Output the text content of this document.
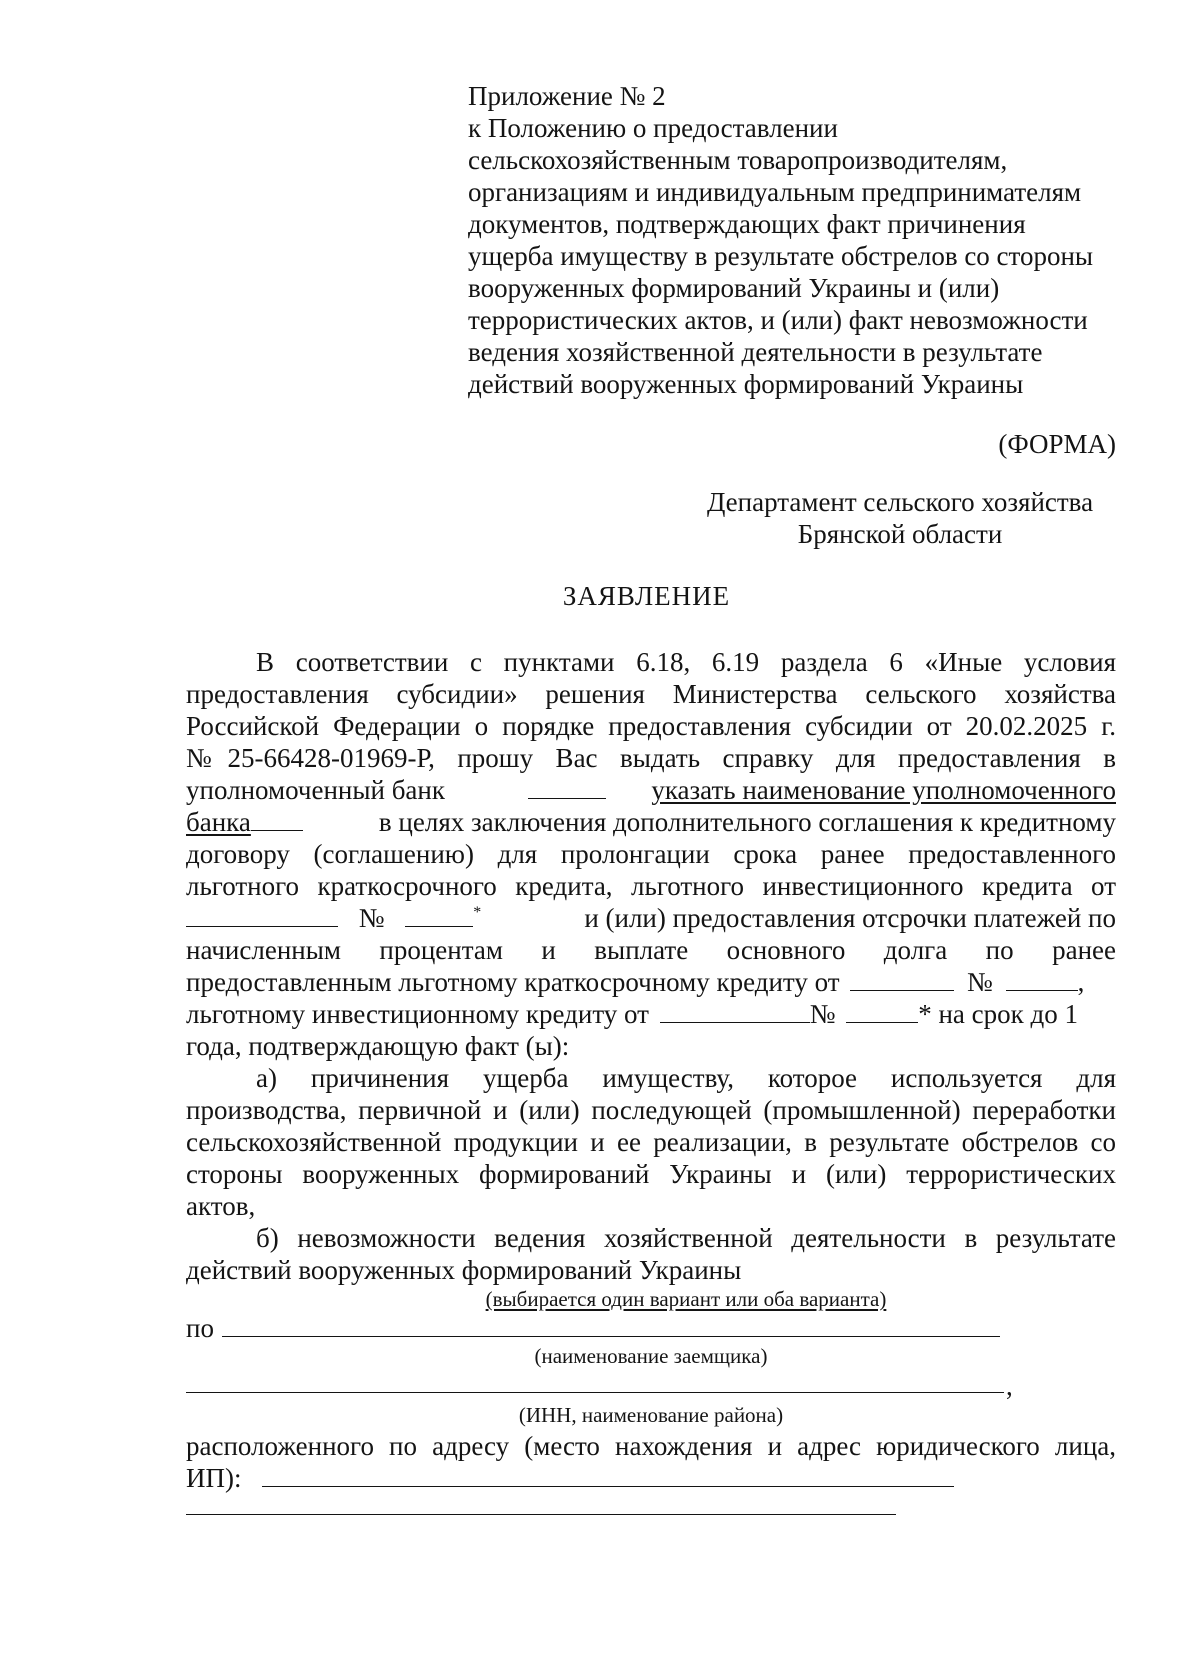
Приложение № 2
к Положению о предоставлении
сельскохозяйственным товаропроизводителям,
организациям и индивидуальным предпринимателям
документов, подтверждающих факт причинения
ущерба имуществу в результате обстрелов со стороны
вооруженных формирований Украины и (или)
террористических актов, и (или) факт невозможности
ведения хозяйственной деятельности в результате
действий вооруженных формирований Украины
(ФОРМА)
Департамент сельского хозяйства
Брянской области
ЗАЯВЛЕНИЕ
В соответствии с пунктами 6.18, 6.19 раздела 6 «Иные условия
предоставления субсидии» решения Министерства сельского хозяйства
Российской Федерации о порядке предоставления субсидии от 20.02.2025 г.
№25-66428-01969-Р, прошу Вас выдать справку для предоставления в
уполномоченный банк	указать наименование уполномоченного
банка	в целях заключения дополнительного соглашения к кредитному
договору (соглашению) для пролонгации срока ранее предоставленного
льготного краткосрочного кредита, льготного инвестиционного кредита от
№	*	и (или) предоставления отсрочки платежей по
начисленным процентам и выплате основного долга по ранее
предоставленным льготному краткосрочному кредиту от	№	,
льготному инвестиционному кредиту от	№	* на срок до 1
года, подтверждающую факт (ы):
а) причинения ущерба имуществу, которое используется для
производства, первичной и (или) последующей (промышленной) переработки
сельскохозяйственной продукции и ее реализации, в результате обстрелов со
стороны вооруженных формирований Украины и (или) террористических
актов,
б) невозможности ведения хозяйственной деятельности в результате
действий вооруженных формирований Украины
(выбирается один вариант или оба варианта)
по
(наименование заемщика)
,
(ИНН, наименование района)
расположенного по адресу (место нахождения и адрес юридического лица,
ИП):
